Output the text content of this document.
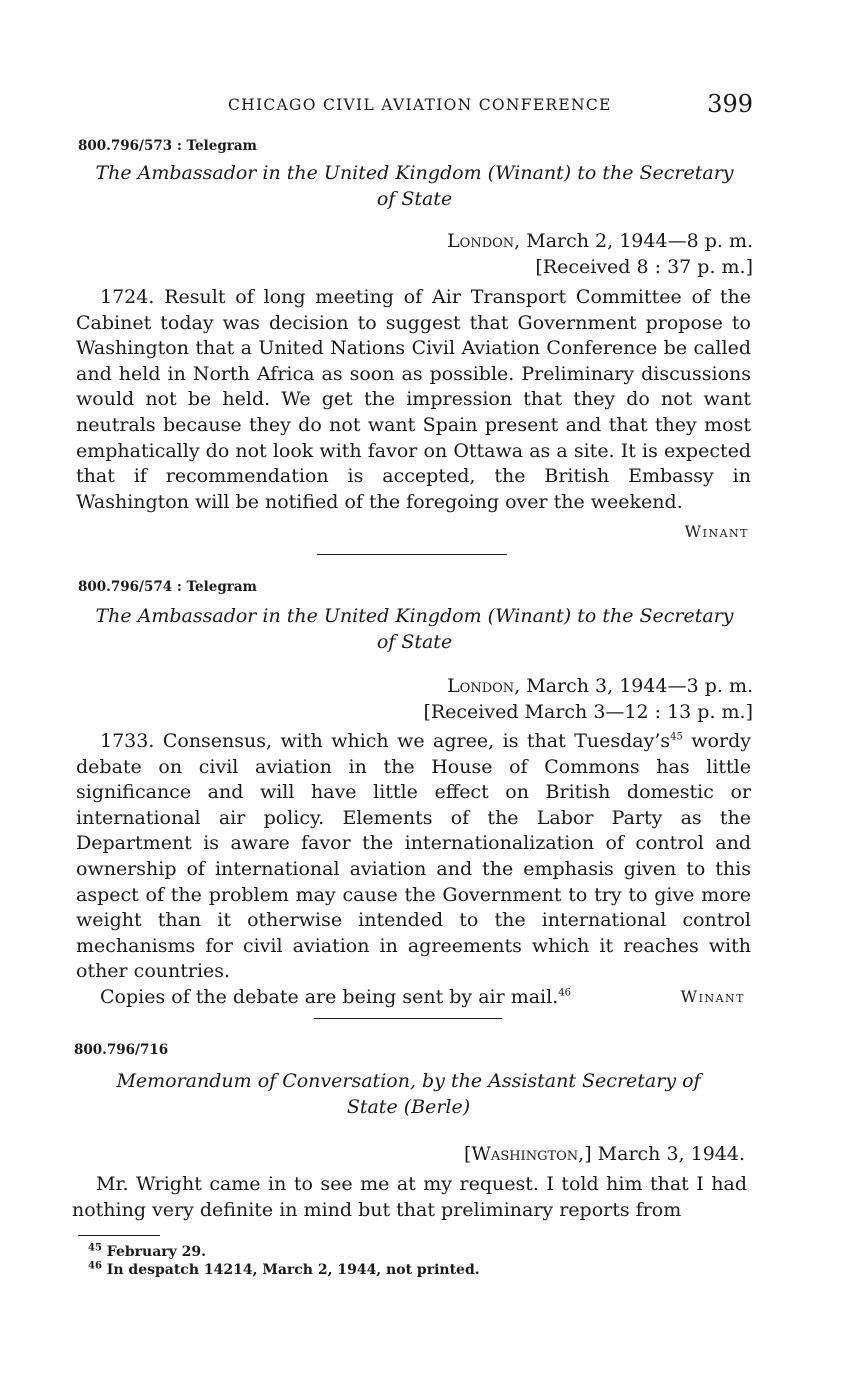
CHICAGO CIVIL AVIATION CONFERENCE	399
800.796/573 : Telegram
The Ambassador in the United Kingdom (Winant) to the Secretary
of State
London, March 2, 1944—8 p. m.
[Received 8 : 37 p. m.]

1724. Result of long meeting of Air Transport Committee of the Cabinet today was decision to suggest that Government propose to Washington that a United Nations Civil Aviation Conference be called and held in North Africa as soon as possible. Preliminary discussions would not be held. We get the impression that they do not want neutrals because they do not want Spain present and that they most emphatically do not look with favor on Ottawa as a site. It is expected that if recommendation is accepted, the British Embassy in Washington will be notified of the foregoing over the weekend.

Winant
800.796/574 : Telegram
The Ambassador in the United Kingdom (Winant) to the Secretary
of State
London, March 3, 1944—3 p. m.
[Received March 3—12 : 13 p. m.]

1733. Consensus, with which we agree, is that $Tuesday’s^{45}$ wordy debate on civil aviation in the House of Commons has little significance and will have little effect on British domestic or international air policy. Elements of the Labor Party as the Department is aware favor the internationalization of control and ownership of international aviation and the emphasis given to this aspect of the problem may cause the Government to try to give more weight than it otherwise intended to the international control mechanisms for civil aviation in agreements which it reaches with other countries.

Copies of the debate are being sent by air mail.$^{46}$	Winant
800.796/716
Memorandum of Conversation, by the Assistant Secretary of
State (Berle)
[Washington,] March 3, 1944.

Mr. Wright came in to see me at my request. I told him that I had nothing very definite in mind but that preliminary reports from

$^{45}$ February 29.
$^{46}$ In despatch 14214, March 2, 1944, not printed.
